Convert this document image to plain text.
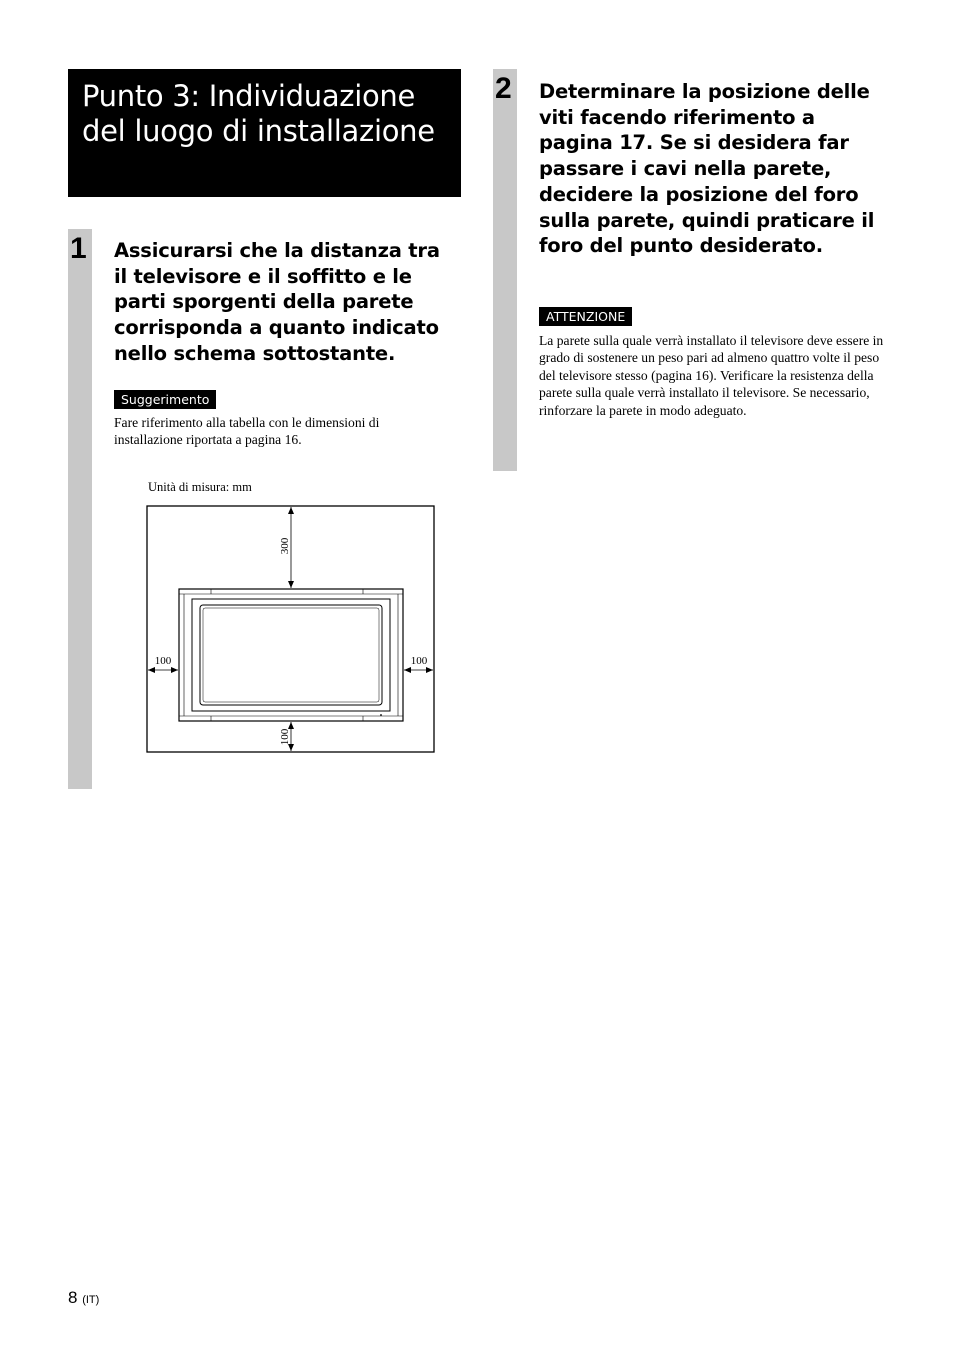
Punto 3: Individuazione del luogo di installazione
1 Assicurarsi che la distanza tra il televisore e il soffitto e le parti sporgenti della parete corrisponda a quanto indicato nello schema sottostante.

Suggerimento

Fare riferimento alla tabella con le dimensioni di installazione riportata a pagina 16.

Unità di misura: mm
300
100	100
100
2 Determinare la posizione delle viti facendo riferimento a pagina 17. Se si desidera far passare i cavi nella parete, decidere la posizione del foro sulla parete, quindi praticare il foro del punto desiderato.

ATTENZIONE

La parete sulla quale verrà installato il televisore deve essere in grado di sostenere un peso pari ad almeno quattro volte il peso del televisore stesso (pagina 16). Verificare la resistenza della parete sulla quale verrà installato il televisore. Se necessario, rinforzare la parete in modo adeguato.

8 (IT)
